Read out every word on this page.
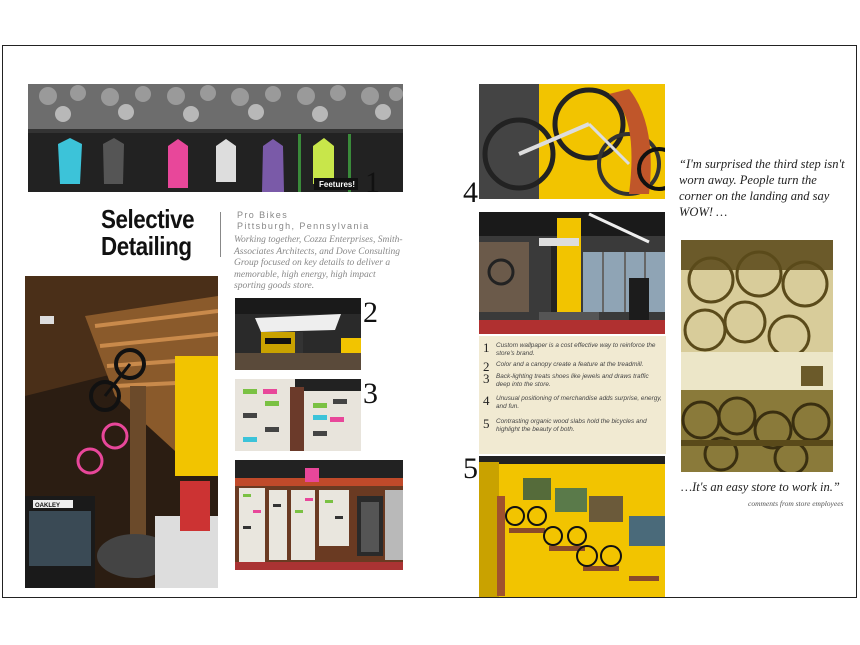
Feetures! 1
Selective
Detailing
Pro Bikes
Pittsburgh, Pennsylvania
Working together, Cozza Enterprises, Smith-Associates Architects, and Dove Consulting Group focused on key details to deliver a memorable, high energy, high impact sporting goods store.
OAKLEY
2
3
4
1	Custom wallpaper is a cost effective way to reinforce the store's brand.
2	Color and a canopy create a feature at the treadmill.
3	Back-lighting treats shoes like jewels and draws traffic deep into the store.
4	Unusual positioning of merchandise adds surprise, energy, and fun.
5	Contrasting organic wood slabs hold the bicycles and highlight the beauty of both.
5
“I'm surprised the third step isn't worn away. People turn the corner on the landing and say WOW! …
…It's an easy store to work in.”
comments from store employees
